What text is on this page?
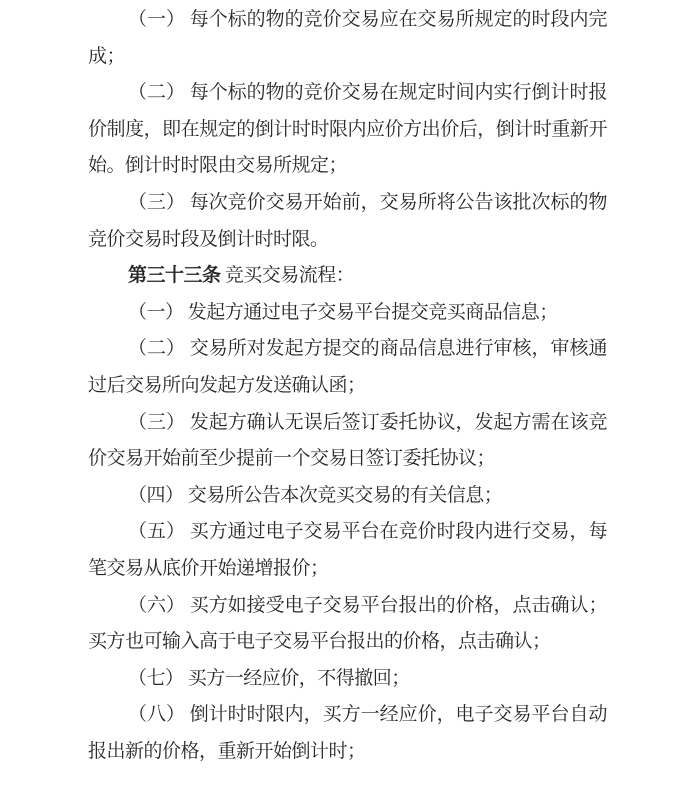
（一） 每个标的物的竞价交易应在交易所规定的时段内完成；

（二） 每个标的物的竞价交易在规定时间内实行倒计时报价制度，即在规定的倒计时时限内应价方出价后，倒计时重新开始。倒计时时限由交易所规定；

（三） 每次竞价交易开始前，交易所将公告该批次标的物竞价交易时段及倒计时时限。

第三十三条 竞买交易流程：

（一） 发起方通过电子交易平台提交竞买商品信息；

（二） 交易所对发起方提交的商品信息进行审核，审核通过后交易所向发起方发送确认函；

（三） 发起方确认无误后签订委托协议，发起方需在该竞价交易开始前至少提前一个交易日签订委托协议；

（四） 交易所公告本次竞买交易的有关信息；

（五） 买方通过电子交易平台在竞价时段内进行交易，每笔交易从底价开始递增报价；

（六） 买方如接受电子交易平台报出的价格，点击确认；买方也可输入高于电子交易平台报出的价格，点击确认；

（七） 买方一经应价，不得撤回；

（八） 倒计时时限内，买方一经应价，电子交易平台自动报出新的价格，重新开始倒计时；
